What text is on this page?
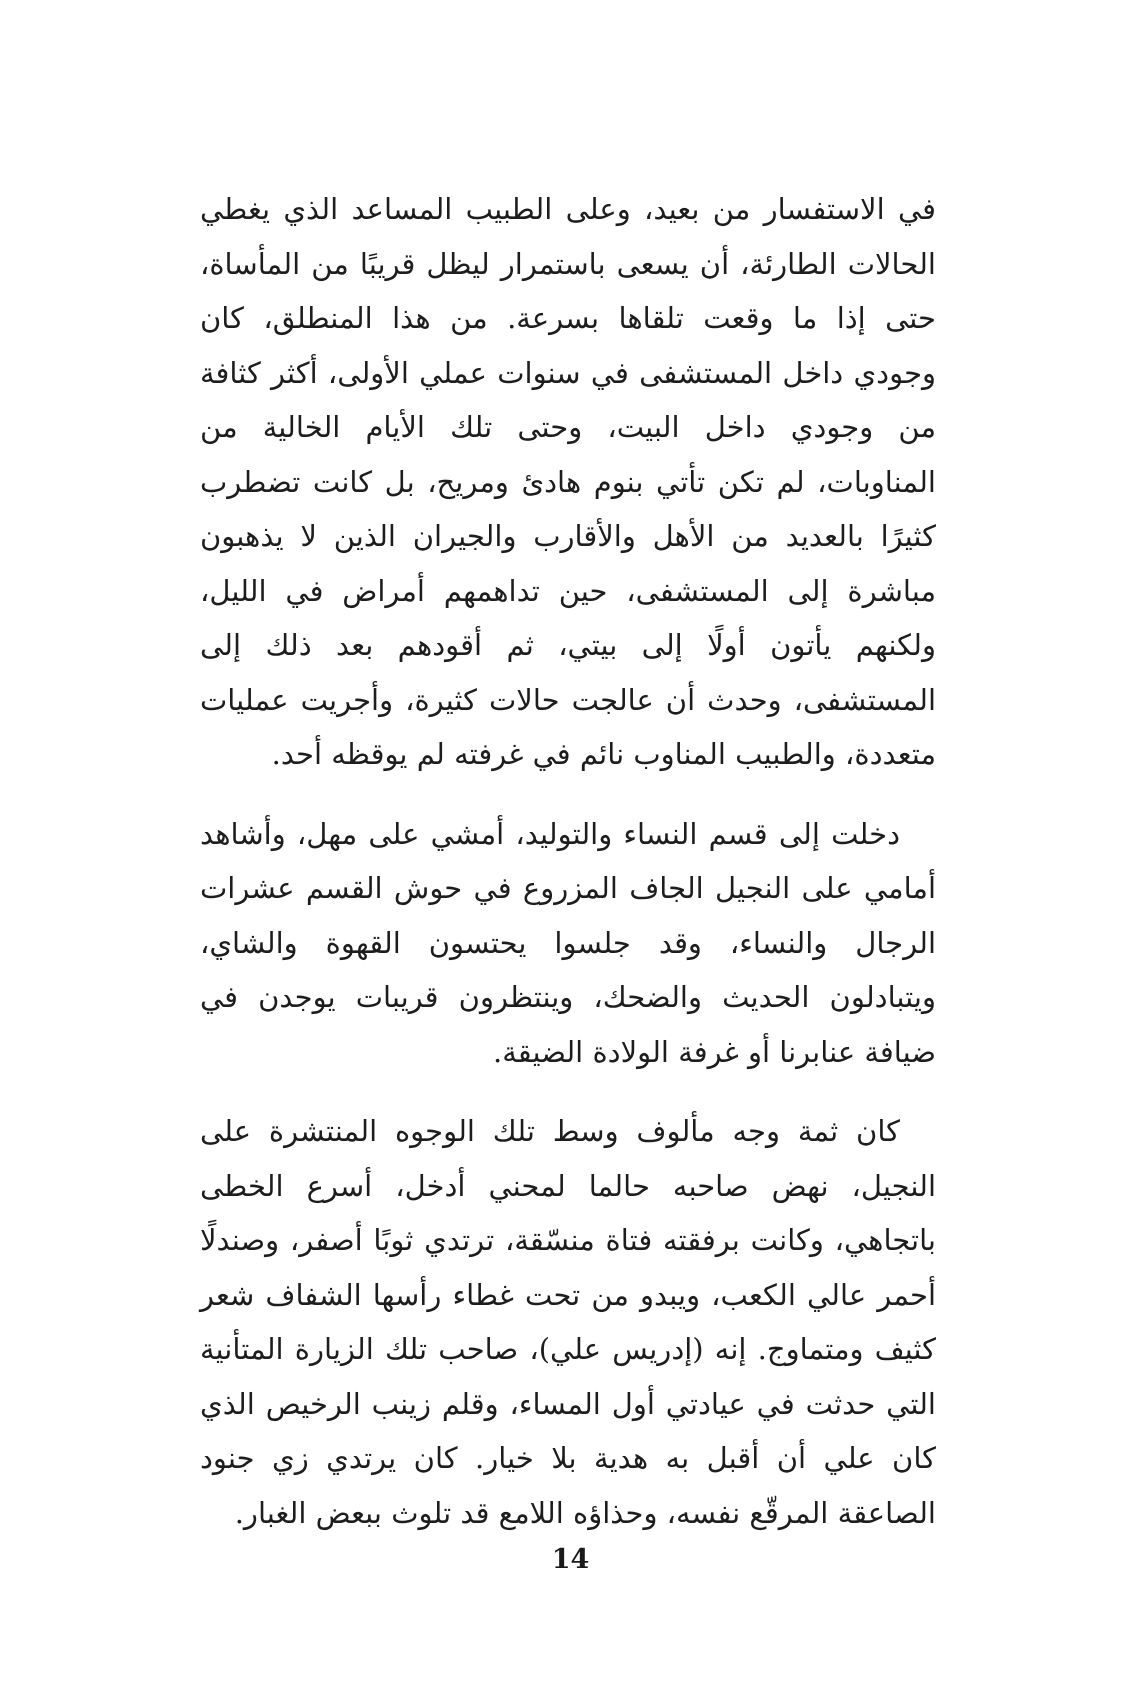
في الاستفسار من بعيد، وعلى الطبيب المساعد الذي يغطي الحالات الطارئة، أن يسعى باستمرار ليظل قريبًا من المأساة، حتى إذا ما وقعت تلقاها بسرعة. من هذا المنطلق، كان وجودي داخل المستشفى في سنوات عملي الأولى، أكثر كثافة من وجودي داخل البيت، وحتى تلك الأيام الخالية من المناوبات، لم تكن تأتي بنوم هادئ ومريح، بل كانت تضطرب كثيرًا بالعديد من الأهل والأقارب والجيران الذين لا يذهبون مباشرة إلى المستشفى، حين تداهمهم أمراض في الليل، ولكنهم يأتون أولًا إلى بيتي، ثم أقودهم بعد ذلك إلى المستشفى، وحدث أن عالجت حالات كثيرة، وأجريت عمليات متعددة، والطبيب المناوب نائم في غرفته لم يوقظه أحد.

دخلت إلى قسم النساء والتوليد، أمشي على مهل، وأشاهد أمامي على النجيل الجاف المزروع في حوش القسم عشرات الرجال والنساء، وقد جلسوا يحتسون القهوة والشاي، ويتبادلون الحديث والضحك، وينتظرون قريبات يوجدن في ضيافة عنابرنا أو غرفة الولادة الضيقة.

كان ثمة وجه مألوف وسط تلك الوجوه المنتشرة على النجيل، نهض صاحبه حالما لمحني أدخل، أسرع الخطى باتجاهي، وكانت برفقته فتاة منسّقة، ترتدي ثوبًا أصفر، وصندلًا أحمر عالي الكعب، ويبدو من تحت غطاء رأسها الشفاف شعر كثيف ومتماوج. إنه (إدريس علي)، صاحب تلك الزيارة المتأنية التي حدثت في عيادتي أول المساء، وقلم زينب الرخيص الذي كان علي أن أقبل به هدية بلا خيار. كان يرتدي زي جنود الصاعقة المرقّع نفسه، وحذاؤه اللامع قد تلوث ببعض الغبار.

14
